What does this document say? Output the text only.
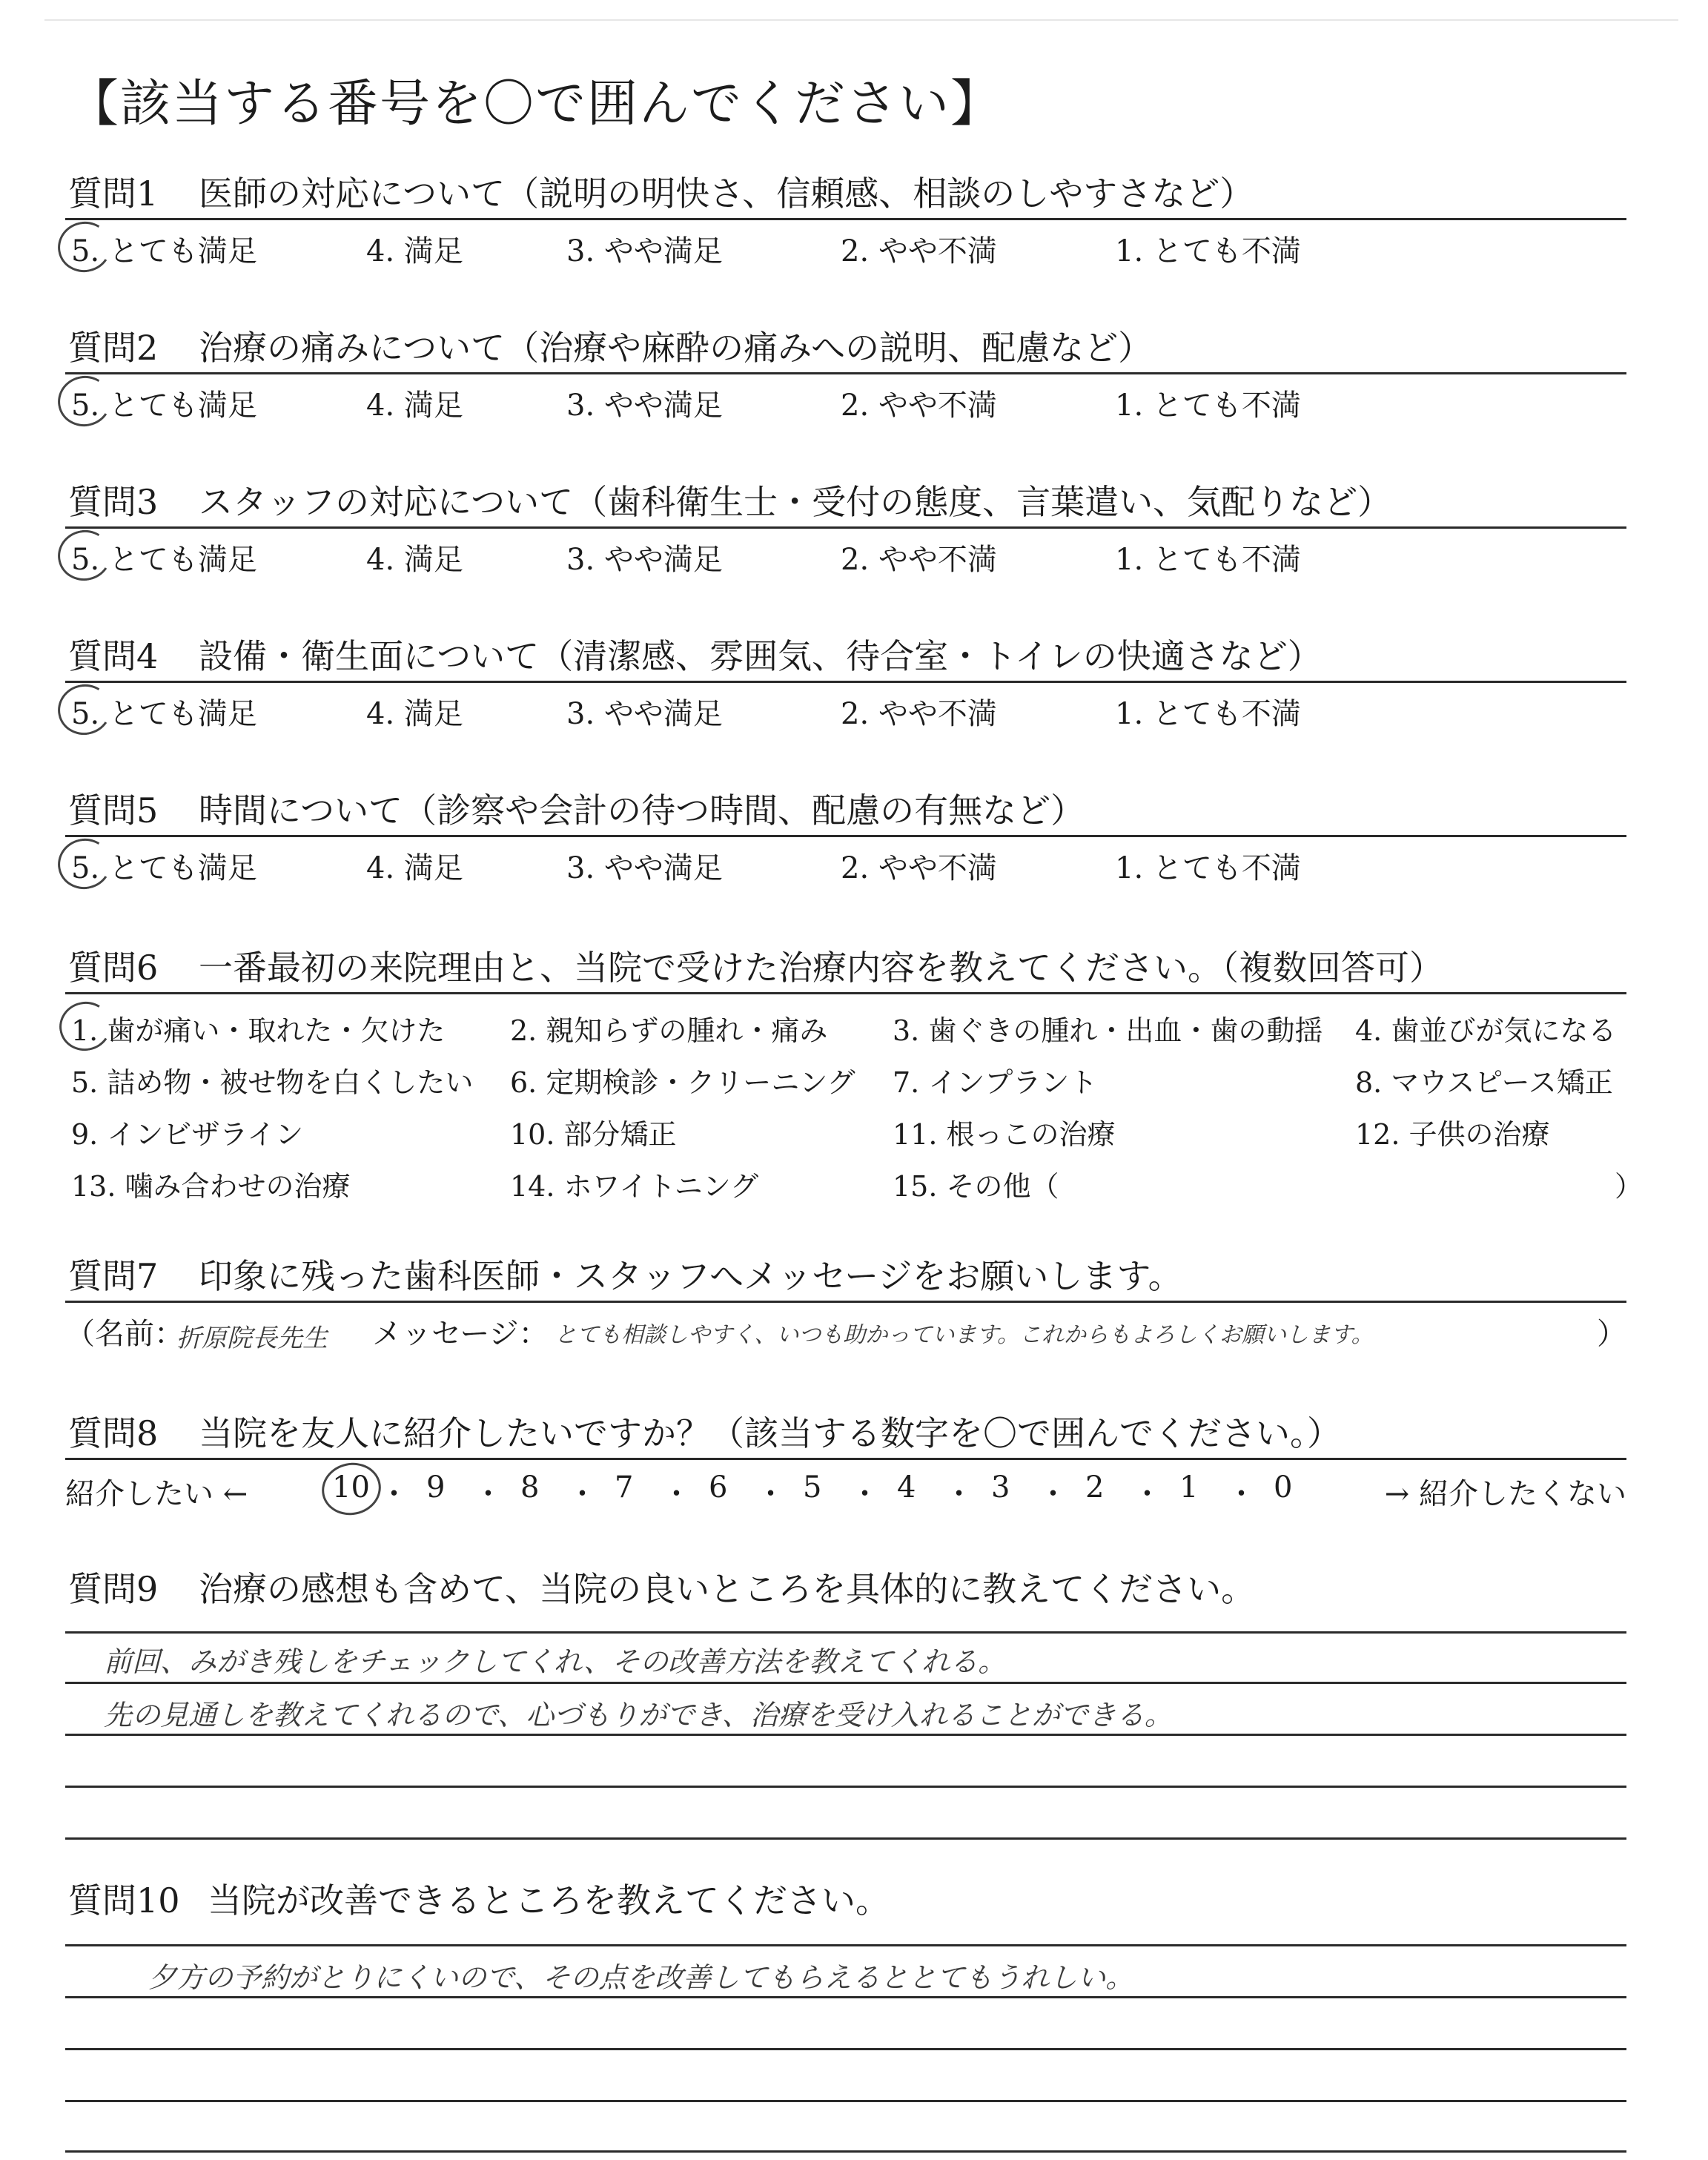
【該当する番号を〇で囲んでください】
質問1 医師の対応について（説明の明快さ、信頼感、相談のしやすさなど）
5. とても満足	4. 満足	3. やや満足	2. やや不満	1. とても不満
質問2 治療の痛みについて（治療や麻酔の痛みへの説明、配慮など）
5. とても満足	4. 満足	3. やや満足	2. やや不満	1. とても不満
質問3 スタッフの対応について（歯科衛生士・受付の態度、言葉遣い、気配りなど）
5. とても満足	4. 満足	3. やや満足	2. やや不満	1. とても不満
質問4 設備・衛生面について（清潔感、雰囲気、待合室・トイレの快適さなど）
5. とても満足	4. 満足	3. やや満足	2. やや不満	1. とても不満
質問5 時間について（診察や会計の待つ時間、配慮の有無など）
5. とても満足	4. 満足	3. やや満足	2. やや不満	1. とても不満
質問6 一番最初の来院理由と、当院で受けた治療内容を教えてください。（複数回答可）
1. 歯が痛い・取れた・欠けた 2. 親知らずの腫れ・痛み 3. 歯ぐきの腫れ・出血・歯の動揺 4. 歯並びが気になる
5. 詰め物・被せ物を白くしたい 6. 定期検診・クリーニング 7. インプラント	8. マウスピース矯正
9. インビザライン	10. 部分矯正	11. 根っこの治療	12. 子供の治療
13. 噛み合わせの治療	14. ホワイトニング	15. その他（	）
質問7 印象に残った歯科医師・スタッフへメッセージをお願いします。
（名前：
折原院長先生 メッセージ： とても相談しやすく、いつも助かっています。これからもよろしくお願いします。	）
質問8 当院を友人に紹介したいですか？（該当する数字を〇で囲んでください。）
紹介したい ←	→ 紹介したくない
10 ・ 9 ・ 8 ・ 7 ・ 6 ・ 5 ・ 4 ・ 3 ・ 2 ・ 1 ・ 0
質問9 治療の感想も含めて、当院の良いところを具体的に教えてください。
前回、みがき残しをチェックしてくれ、その改善方法を教えてくれる。
先の見通しを教えてくれるので、心づもりができ、治療を受け入れることができる。
質問10 当院が改善できるところを教えてください。
夕方の予約がとりにくいので、その点を改善してもらえるととてもうれしい。
